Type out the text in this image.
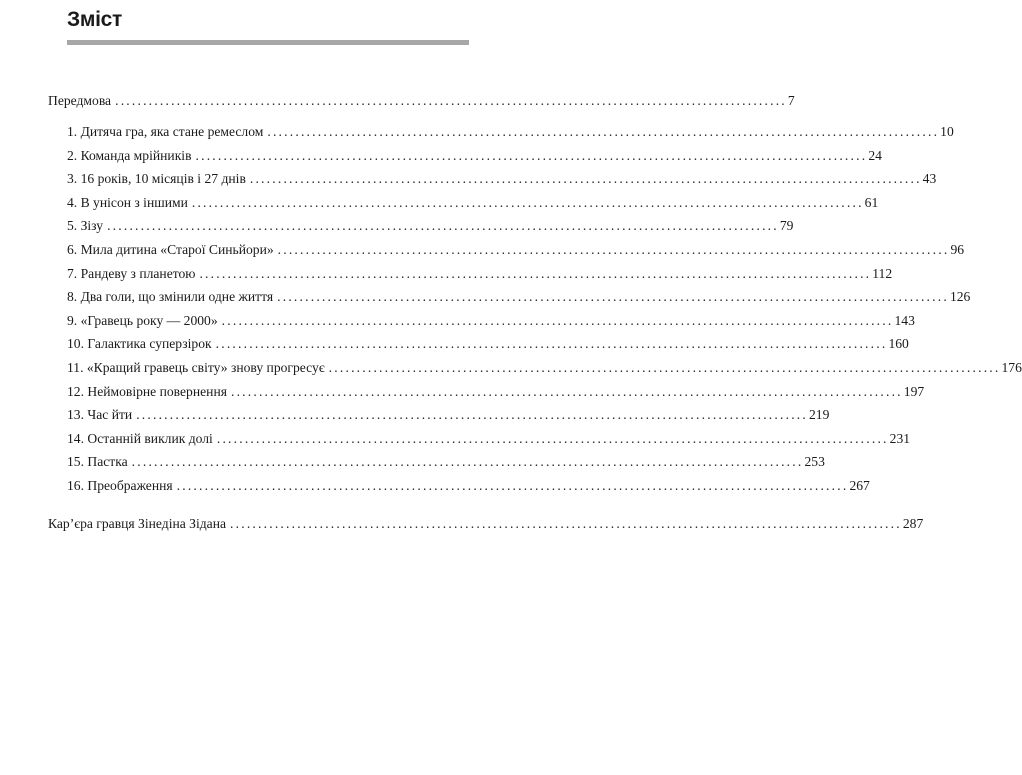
Зміст
Передмова ........................................................................................................................ 7
1. Дитяча гра, яка стане ремеслом ........................................................................................................................ 10
2. Команда мрійників ........................................................................................................................ 24
3. 16 років, 10 місяців і 27 днів ........................................................................................................................ 43
4. В унісон з іншими ........................................................................................................................ 61
5. Зізу ........................................................................................................................ 79
6. Мила дитина «Старої Синьйори» ........................................................................................................................ 96
7. Рандеву з планетою ........................................................................................................................ 112
8. Два голи, що змінили одне життя ........................................................................................................................ 126
9. «Гравець року — 2000» ........................................................................................................................ 143
10. Галактика суперзірок ........................................................................................................................ 160
11. «Кращий гравець світу» знову прогресує ........................................................................................................................ 176
12. Неймовірне повернення ........................................................................................................................ 197
13. Час йти ........................................................................................................................ 219
14. Останній виклик долі ........................................................................................................................ 231
15. Пастка ........................................................................................................................ 253
16. Преображення ........................................................................................................................ 267
Кар’єра гравця Зінедіна Зідана ........................................................................................................................ 287
